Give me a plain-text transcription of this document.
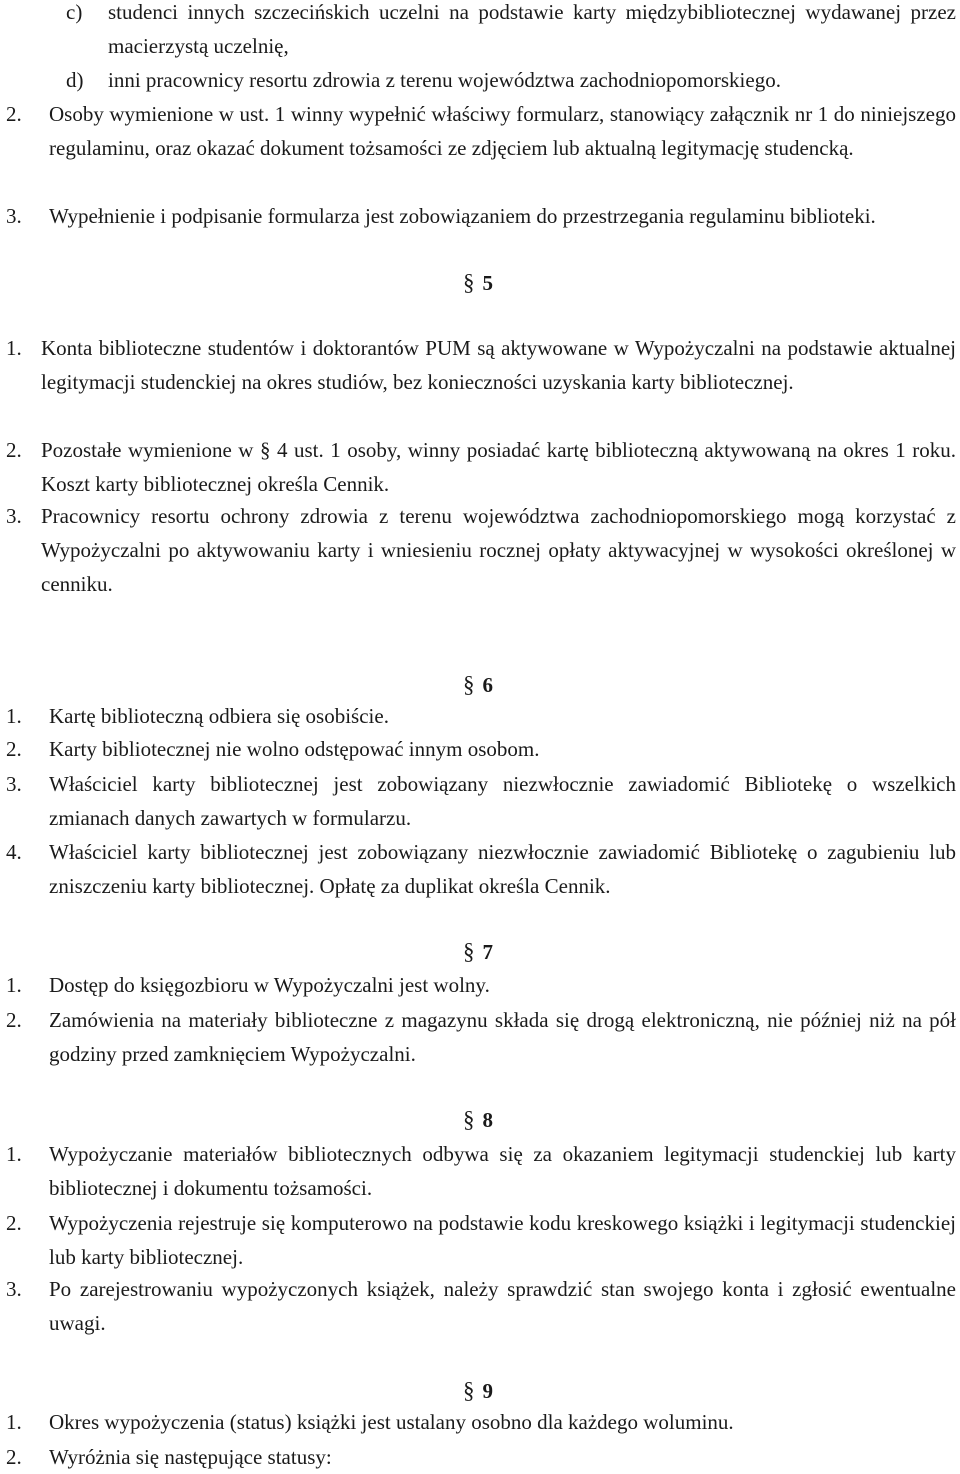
c) studenci innych szczecińskich uczelni na podstawie karty międzybibliotecznej wydawanej przez macierzystą uczelnię,
d) inni pracownicy resortu zdrowia z terenu województwa zachodniopomorskiego.
2. Osoby wymienione w ust. 1 winny wypełnić właściwy formularz, stanowiący załącznik nr 1 do niniejszego regulaminu, oraz okazać dokument tożsamości ze zdjęciem lub aktualną legitymację studencką.
3. Wypełnienie i podpisanie formularza jest zobowiązaniem do przestrzegania regulaminu biblioteki.
§ 5
1. Konta biblioteczne studentów i doktorantów PUM są aktywowane w Wypożyczalni na podstawie aktualnej legitymacji studenckiej na okres studiów, bez konieczności uzyskania karty bibliotecznej.
2. Pozostałe wymienione w § 4 ust. 1 osoby, winny posiadać kartę biblioteczną aktywowaną na okres 1 roku. Koszt karty bibliotecznej określa Cennik.
3. Pracownicy resortu ochrony zdrowia z terenu województwa zachodniopomorskiego mogą korzystać z Wypożyczalni po aktywowaniu karty i wniesieniu rocznej opłaty aktywacyjnej w wysokości określonej w cenniku.
§ 6
1. Kartę biblioteczną odbiera się osobiście.
2. Karty bibliotecznej nie wolno odstępować innym osobom.
3. Właściciel karty bibliotecznej jest zobowiązany niezwłocznie zawiadomić Bibliotekę o wszelkich zmianach danych zawartych w formularzu.
4. Właściciel karty bibliotecznej jest zobowiązany niezwłocznie zawiadomić Bibliotekę o zagubieniu lub zniszczeniu karty bibliotecznej. Opłatę za duplikat określa Cennik.
§ 7
1. Dostęp do księgozbioru w Wypożyczalni jest wolny.
2. Zamówienia na materiały biblioteczne z magazynu składa się drogą elektroniczną, nie później niż na pół godziny przed zamknięciem Wypożyczalni.
§ 8
1. Wypożyczanie materiałów bibliotecznych odbywa się za okazaniem legitymacji studenckiej lub karty bibliotecznej i dokumentu tożsamości.
2. Wypożyczenia rejestruje się komputerowo na podstawie kodu kreskowego książki i legitymacji studenckiej lub karty bibliotecznej.
3. Po zarejestrowaniu wypożyczonych książek, należy sprawdzić stan swojego konta i zgłosić ewentualne uwagi.
§ 9
1. Okres wypożyczenia (status) książki jest ustalany osobno dla każdego woluminu.
2. Wyróżnia się następujące statusy:
